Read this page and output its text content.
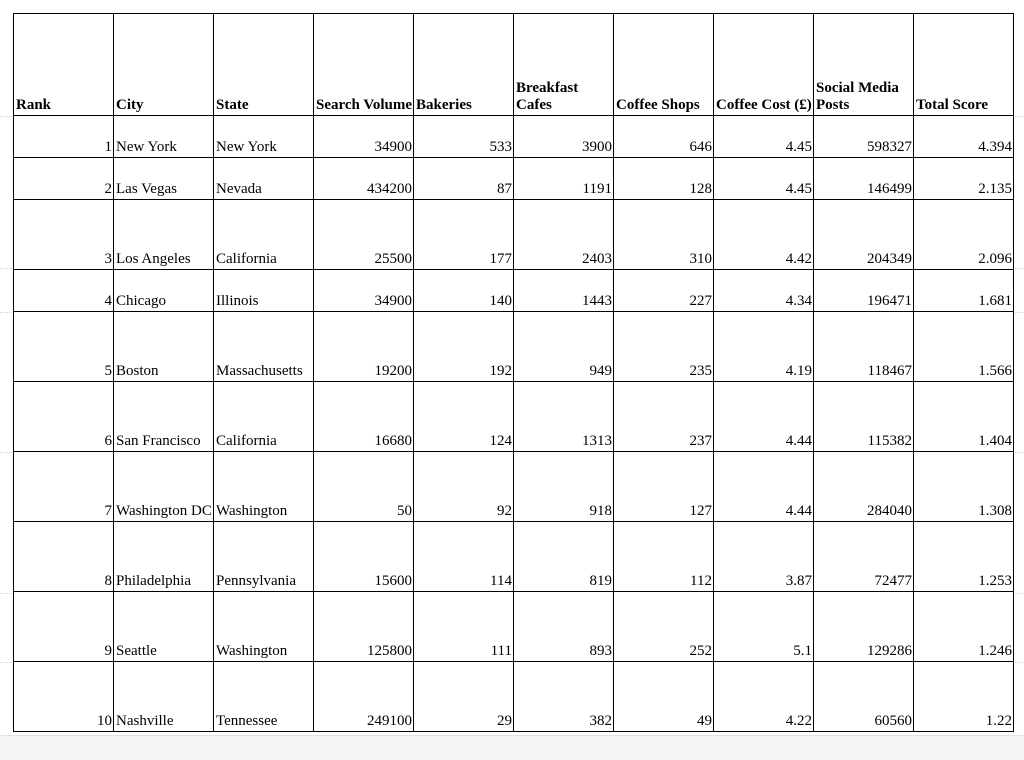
Rank	City	State	Search Volume	Bakeries	Breakfast Cafes	Coffee Shops	Coffee Cost (£)	Social Media Posts	Total Score
1	New York	New York	34900	533	3900	646	4.45	598327	4.394
2	Las Vegas	Nevada	434200	87	1191	128	4.45	146499	2.135
3	Los Angeles	California	25500	177	2403	310	4.42	204349	2.096
4	Chicago	Illinois	34900	140	1443	227	4.34	196471	1.681
5	Boston	Massachusetts	19200	192	949	235	4.19	118467	1.566
6	San Francisco	California	16680	124	1313	237	4.44	115382	1.404
7	Washington DC	Washington	50	92	918	127	4.44	284040	1.308
8	Philadelphia	Pennsylvania	15600	114	819	112	3.87	72477	1.253
9	Seattle	Washington	125800	111	893	252	5.1	129286	1.246
10	Nashville	Tennessee	249100	29	382	49	4.22	60560	1.22
